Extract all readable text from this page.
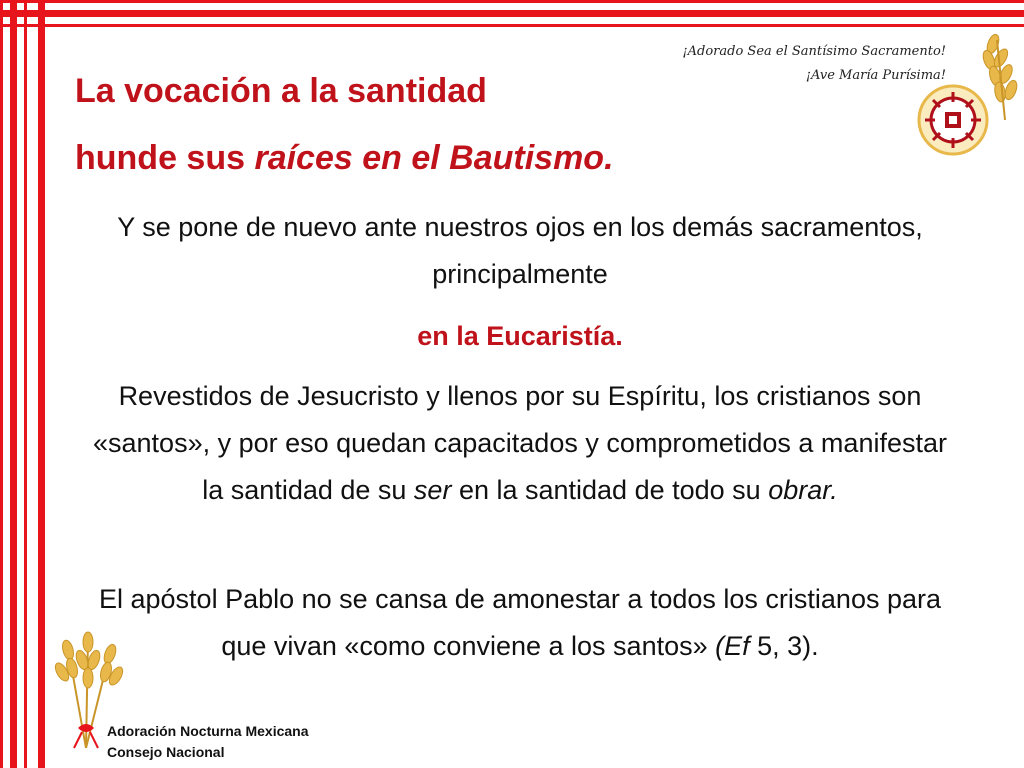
¡Adorado Sea el Santísimo Sacramento!
¡Ave María Purísima!
La vocación a la santidad
hunde sus raíces en el Bautismo.
Y se pone de nuevo ante nuestros ojos en los demás sacramentos, principalmente
en la Eucaristía.
Revestidos de Jesucristo y llenos por su Espíritu, los cristianos son «santos», y por eso quedan capacitados y comprometidos a manifestar la santidad de su ser en la santidad de todo su obrar.
El apóstol Pablo no se cansa de amonestar a todos los cristianos para que vivan «como conviene a los santos» (Ef 5, 3).
Adoración Nocturna Mexicana
Consejo Nacional
